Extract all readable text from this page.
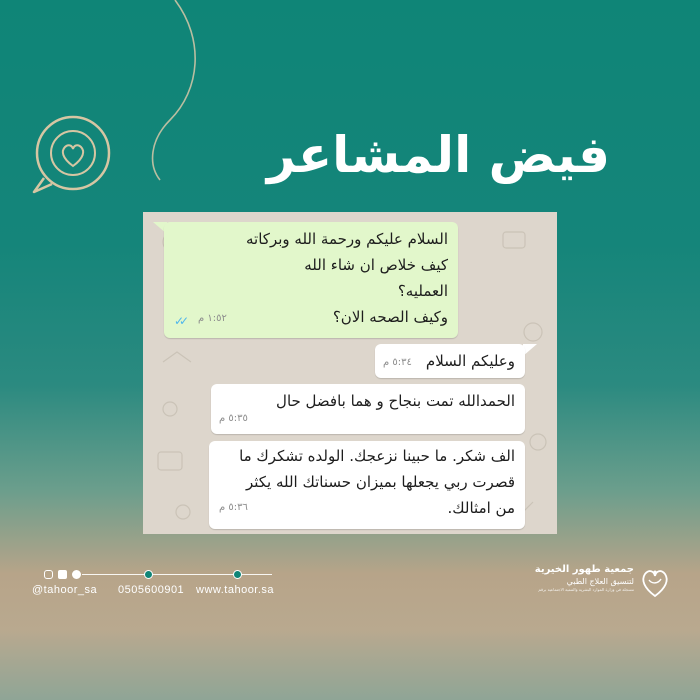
فيض المشاعر
السلام عليكم ورحمة الله وبركاته
كيف خلاص ان شاء الله
العمليه؟
وكيف الصحه الان؟
١:٥٢ م
✓✓
وعليكم السلام
٥:٣٤ م
الحمدالله تمت بنجاح و هما بافضل حال
٥:٣٥ م
الف شكر. ما حبينا نزعجك. الولده تشكرك ما
قصرت ربي يجعلها بميزان حسناتك الله يكثر
من امثالك.
٥:٣٦ م
@tahoor_sa 0505600901 www.tahoor.sa
جمعية طهور الخيرية
لتنسيق العلاج الطبي
مسجلة في وزارة الموارد البشرية والتنمية الاجتماعية برقم
